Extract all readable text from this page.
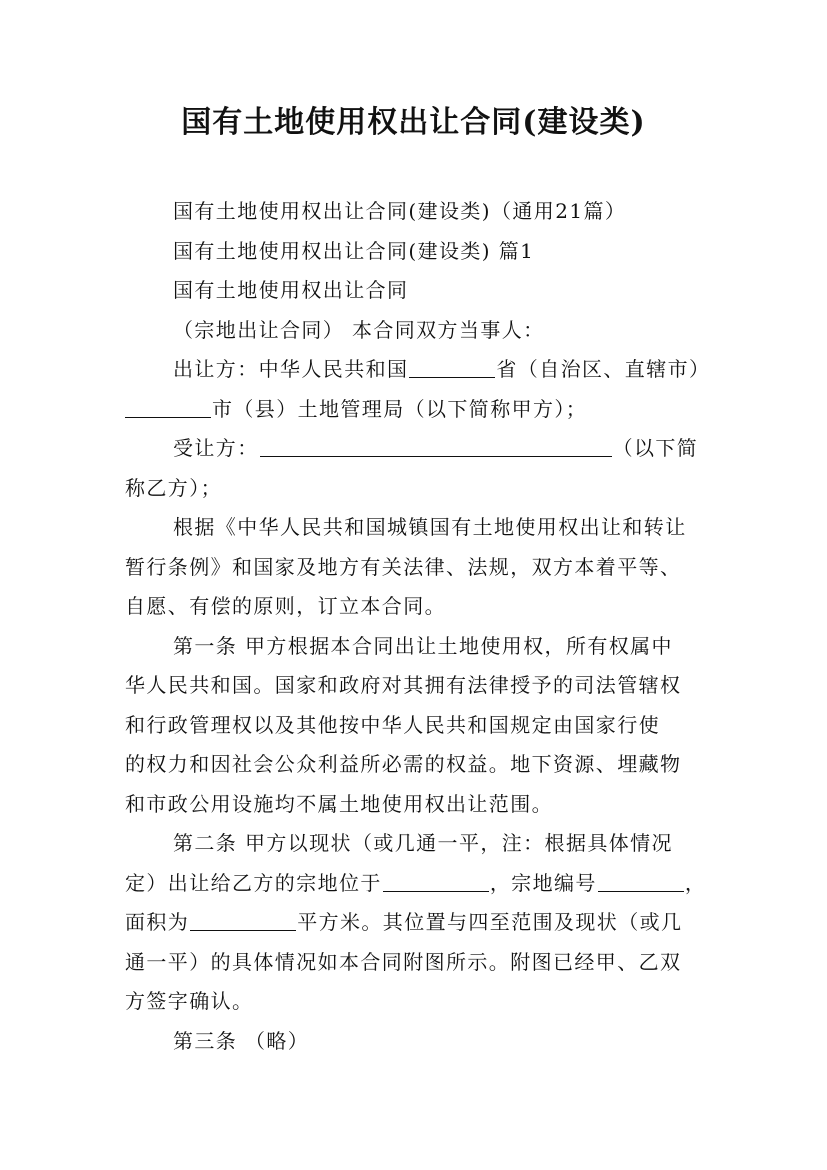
国有土地使用权出让合同(建设类)
国有土地使用权出让合同(建设类)（通用21篇）
国有土地使用权出让合同(建设类) 篇1
国有土地使用权出让合同
（宗地出让合同） 本合同双方当事人：
出让方：中华人民共和国	省（自治区、直辖市）
市（县）土地管理局（以下简称甲方）；
受让方：	（以下简
称乙方）；
根据《中华人民共和国城镇国有土地使用权出让和转让
暂行条例》和国家及地方有关法律、法规，双方本着平等、
自愿、有偿的原则，订立本合同。
第一条 甲方根据本合同出让土地使用权，所有权属中
华人民共和国。国家和政府对其拥有法律授予的司法管辖权
和行政管理权以及其他按中华人民共和国规定由国家行使
的权力和因社会公众利益所必需的权益。地下资源、埋藏物
和市政公用设施均不属土地使用权出让范围。
第二条 甲方以现状（或几通一平，注：根据具体情况
定）出让给乙方的宗地位于	，宗地编号	，
面积为	平方米。其位置与四至范围及现状（或几
通一平）的具体情况如本合同附图所示。附图已经甲、乙双
方签字确认。
第三条 （略）
